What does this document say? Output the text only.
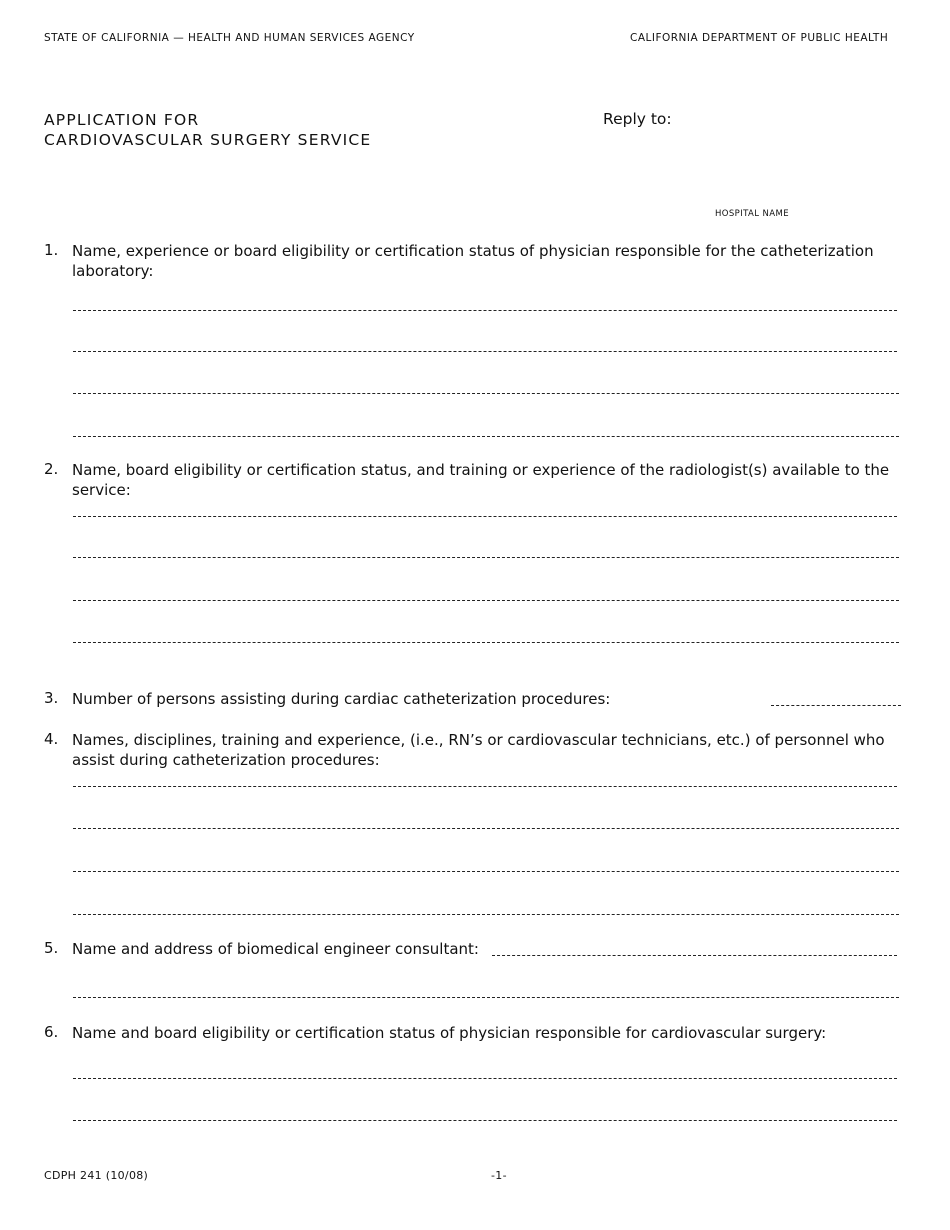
STATE OF CALIFORNIA — HEALTH AND HUMAN SERVICES AGENCY	CALIFORNIA DEPARTMENT OF PUBLIC HEALTH
APPLICATION FOR
CARDIOVASCULAR SURGERY SERVICE
Reply to:
HOSPITAL NAME
1. Name, experience or board eligibility or certification status of physician responsible for the catheterization laboratory:
2. Name, board eligibility or certification status, and training or experience of the radiologist(s) available to the service:
3. Number of persons assisting during cardiac catheterization procedures:
4. Names, disciplines, training and experience, (i.e., RN’s or cardiovascular technicians, etc.) of personnel who assist during catheterization procedures:
5. Name and address of biomedical engineer consultant:
6. Name and board eligibility or certification status of physician responsible for cardiovascular surgery:
CDPH 241 (10/08)	-1-
